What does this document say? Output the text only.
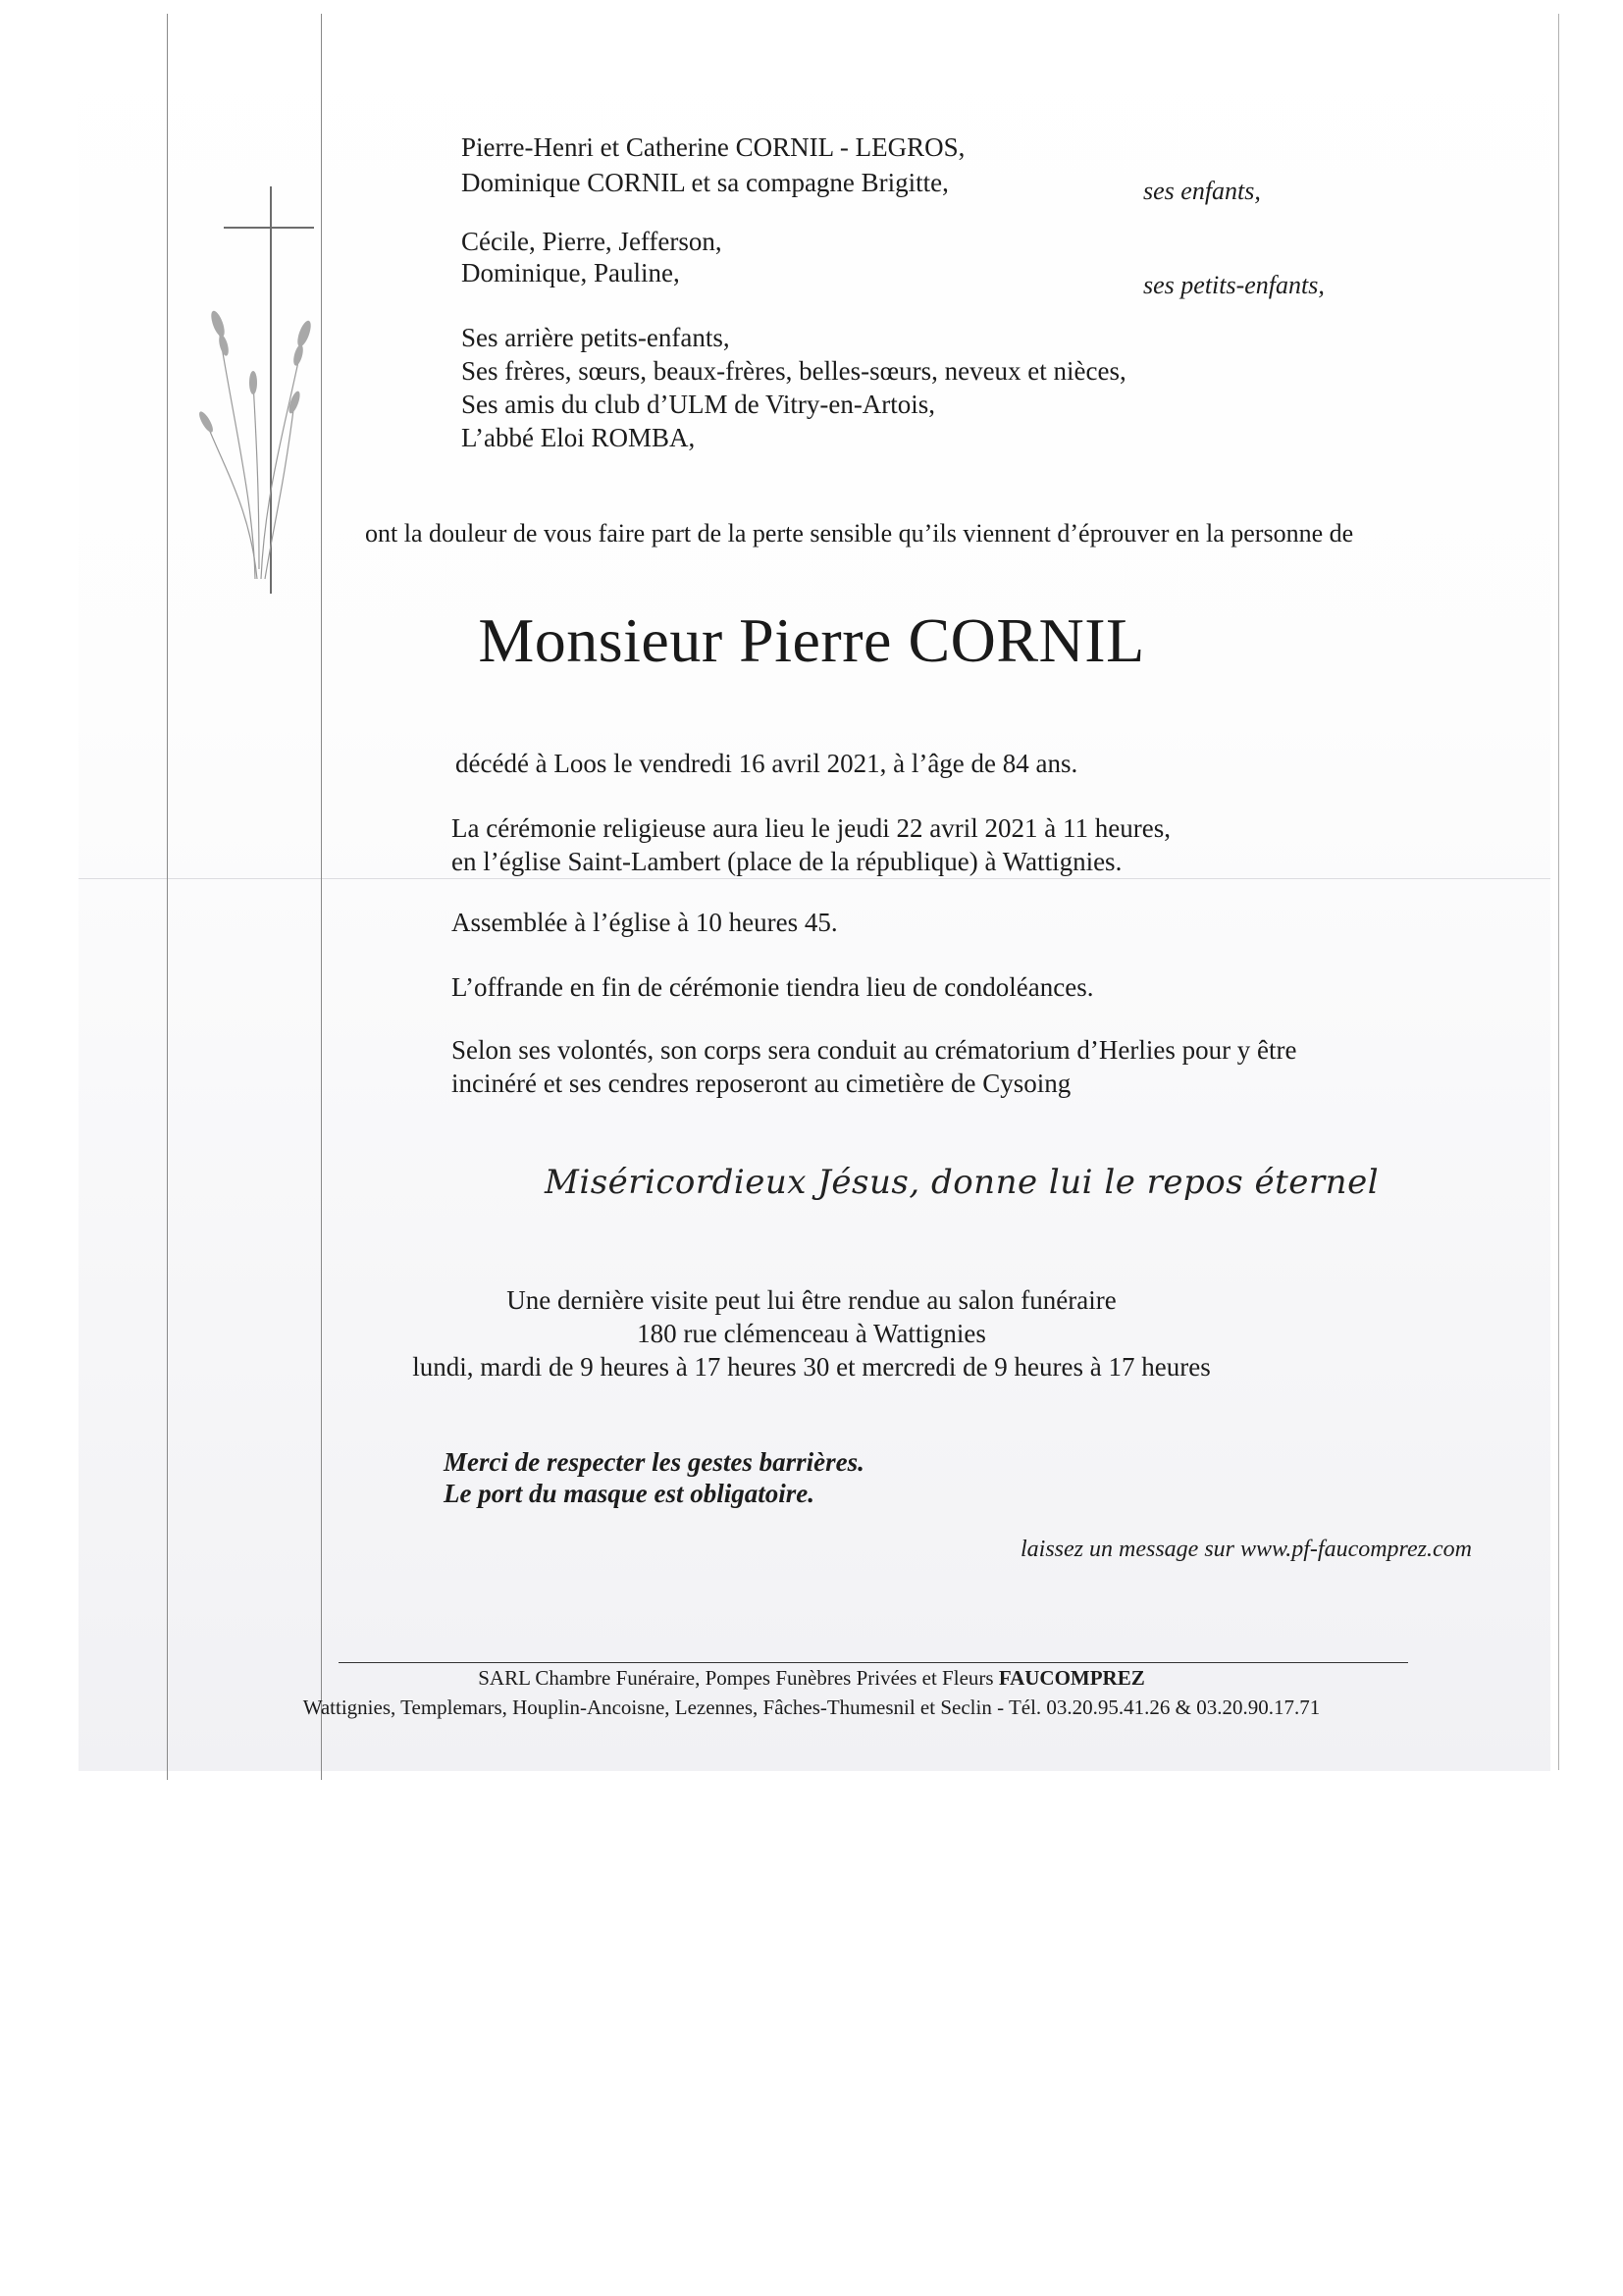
Pierre-Henri et Catherine CORNIL - LEGROS,
Dominique CORNIL et sa compagne Brigitte,	ses enfants,
Cécile, Pierre, Jefferson,
Dominique, Pauline,	ses petits-enfants,
Ses arrière petits-enfants,
Ses frères, sœurs, beaux-frères, belles-sœurs, neveux et nièces,
Ses amis du club d’ULM de Vitry-en-Artois,
L’abbé Eloi ROMBA,
ont la douleur de vous faire part de la perte sensible qu’ils viennent d’éprouver en la personne de
Monsieur Pierre CORNIL
décédé à Loos le vendredi 16 avril 2021, à l’âge de 84 ans.
La cérémonie religieuse aura lieu le jeudi 22 avril 2021 à 11 heures,
en l’église Saint-Lambert (place de la république) à Wattignies.
Assemblée à l’église à 10 heures 45.
L’offrande en fin de cérémonie tiendra lieu de condoléances.
Selon ses volontés, son corps sera conduit au crématorium d’Herlies pour y être
incinéré et ses cendres reposeront au cimetière de Cysoing
Miséricordieux Jésus, donne lui le repos éternel
Une dernière visite peut lui être rendue au salon funéraire
180 rue clémenceau à Wattignies
lundi, mardi de 9 heures à 17 heures 30 et mercredi de 9 heures à 17 heures
Merci de respecter les gestes barrières.
Le port du masque est obligatoire.
laissez un message sur www.pf-faucomprez.com
SARL Chambre Funéraire, Pompes Funèbres Privées et Fleurs FAUCOMPREZ
Wattignies, Templemars, Houplin-Ancoisne, Lezennes, Fâches-Thumesnil et Seclin - Tél. 03.20.95.41.26 & 03.20.90.17.71
